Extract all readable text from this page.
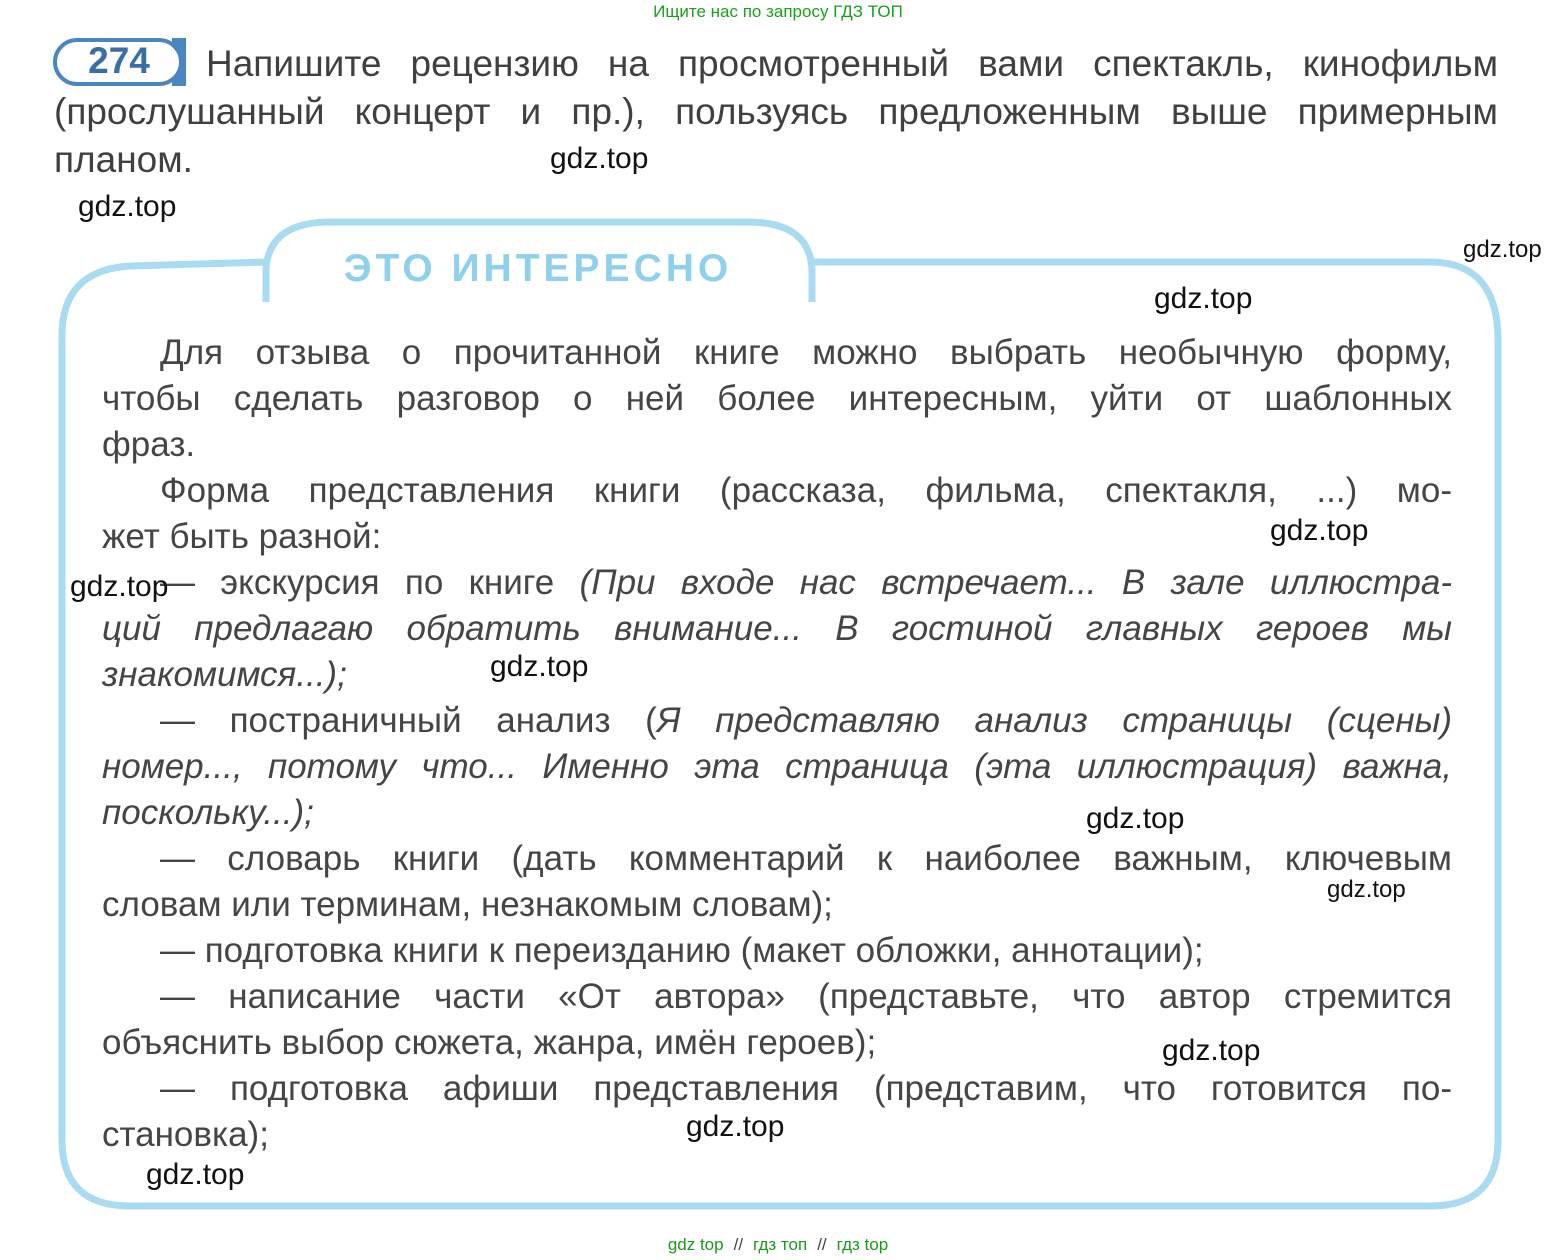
Ищите нас по запросу ГДЗ ТОП
274	Напишите рецензию на просмотренный вами спектакль, кинофильм
(прослушанный концерт и пр.), пользуясь предложенным выше примерным
планом.
ЭТО ИНТЕРЕСНО
Для отзыва о прочитанной книге можно выбрать необычную форму,
чтобы сделать разговор о ней более интересным, уйти от шаблонных
фраз.
Форма представления книги (рассказа, фильма, спектакля, ...) мо-
жет быть разной:
— экскурсия по книге (При входе нас встречает... В зале иллюстра-
ций предлагаю обратить внимание... В гостиной главных героев мы
знакомимся...);
— постраничный анализ (Я представляю анализ страницы (сцены)
номер..., потому что... Именно эта страница (эта иллюстрация) важна,
поскольку...);
— словарь книги (дать комментарий к наиболее важным, ключевым
словам или терминам, незнакомым словам);
— подготовка книги к переизданию (макет обложки, аннотации);
— написание части «От автора» (представьте, что автор стремится
объяснить выбор сюжета, жанра, имён героев);
— подготовка афиши представления (представим, что готовится по-
становка);
gdz.top
gdz.top
gdz.top
gdz.top
gdz.top
gdz.top
gdz.top
gdz.top
gdz.top
gdz.top
gdz.top
gdz.top
gdz top // гдз топ // гдз top
